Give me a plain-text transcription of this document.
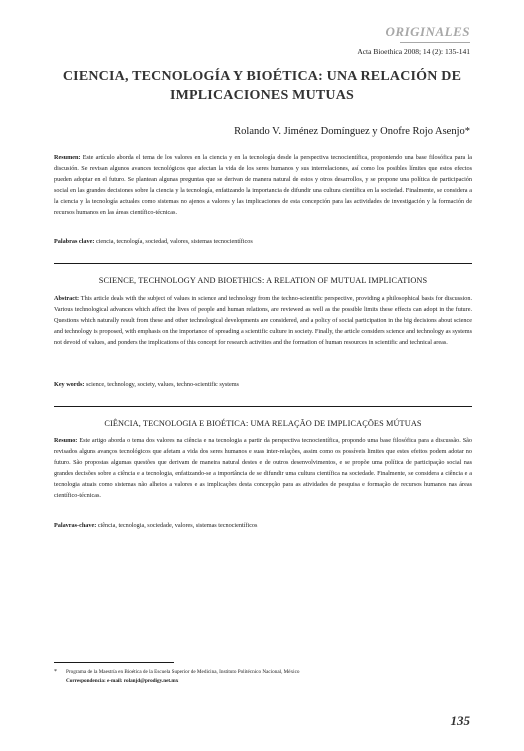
ORIGINALES
Acta Bioethica 2008; 14 (2): 135-141
CIENCIA, TECNOLOGÍA Y BIOÉTICA: UNA RELACIÓN DE IMPLICACIONES MUTUAS
Rolando V. Jiménez Domínguez y Onofre Rojo Asenjo*

Resumen: Este artículo aborda el tema de los valores en la ciencia y en la tecnología desde la perspectiva tecnocientífica, proponiendo una base filosófica para la discusión. Se revisan algunos avances tecnológicos que afectan la vida de los seres humanos y sus interrelaciones, así como los posibles límites que estos efectos pueden adoptar en el futuro. Se plantean algunas preguntas que se derivan de manera natural de estos y otros desarrollos, y se propone una política de participación social en las grandes decisiones sobre la ciencia y la tecnología, enfatizando la importancia de difundir una cultura científica en la sociedad. Finalmente, se considera a la ciencia y la tecnología actuales como sistemas no ajenos a valores y las implicaciones de esta concepción para las actividades de investigación y la formación de recursos humanos en las áreas científico-técnicas.

Palabras clave: ciencia, tecnología, sociedad, valores, sistemas tecnocientíficos

SCIENCE, TECHNOLOGY AND BIOETHICS: A RELATION OF MUTUAL IMPLICATIONS

Abstract: This article deals with the subject of values in science and technology from the techno-scientific perspective, providing a philosophical basis for discussion. Various technological advances which affect the lives of people and human relations, are reviewed as well as the possible limits these effects can adopt in the future. Questions which naturally result from these and other technological developments are considered, and a policy of social participation in the big decisions about science and technology is proposed, with emphasis on the importance of spreading a scientific culture in society. Finally, the article considers science and technology as systems not devoid of values, and ponders the implications of this concept for research activities and the formation of human resources in scientific and technical areas.

Key words: science, technology, society, values, techno-scientific systems

CIÊNCIA, TECNOLOGIA E BIOÉTICA: UMA RELAÇÃO DE IMPLICAÇÕES MÚTUAS

Resumo: Este artigo aborda o tema dos valores na ciência e na tecnologia a partir da perspectiva tecnocientífica, propondo uma base filosófica para a discussão. São revisados alguns avanços tecnológicos que afetam a vida dos seres humanos e suas inter-relações, assim como os possíveis limites que estes efeitos podem adotar no futuro. São propostas algumas questões que derivam de maneira natural destes e de outros desenvolvimentos, e se propõe uma política de participação social nas grandes decisões sobre a ciência e a tecnologia, enfatizando-se a importância de se difundir uma cultura científica na sociedade. Finalmente, se considera a ciência e a tecnologia atuais como sistemas não alheios a valores e as implicações desta concepção para as atividades de pesquisa e formação de recursos humanos nas áreas científico-técnicas.

Palavras-chave: ciência, tecnologia, sociedade, valores, sistemas tecnocientíficos

* Programa de la Maestría en Bioética de la Escuela Superior de Medicina, Instituto Politécnico Nacional, México
Correspondencia: e-mail: rolanjd@prodigy.net.mx
135
